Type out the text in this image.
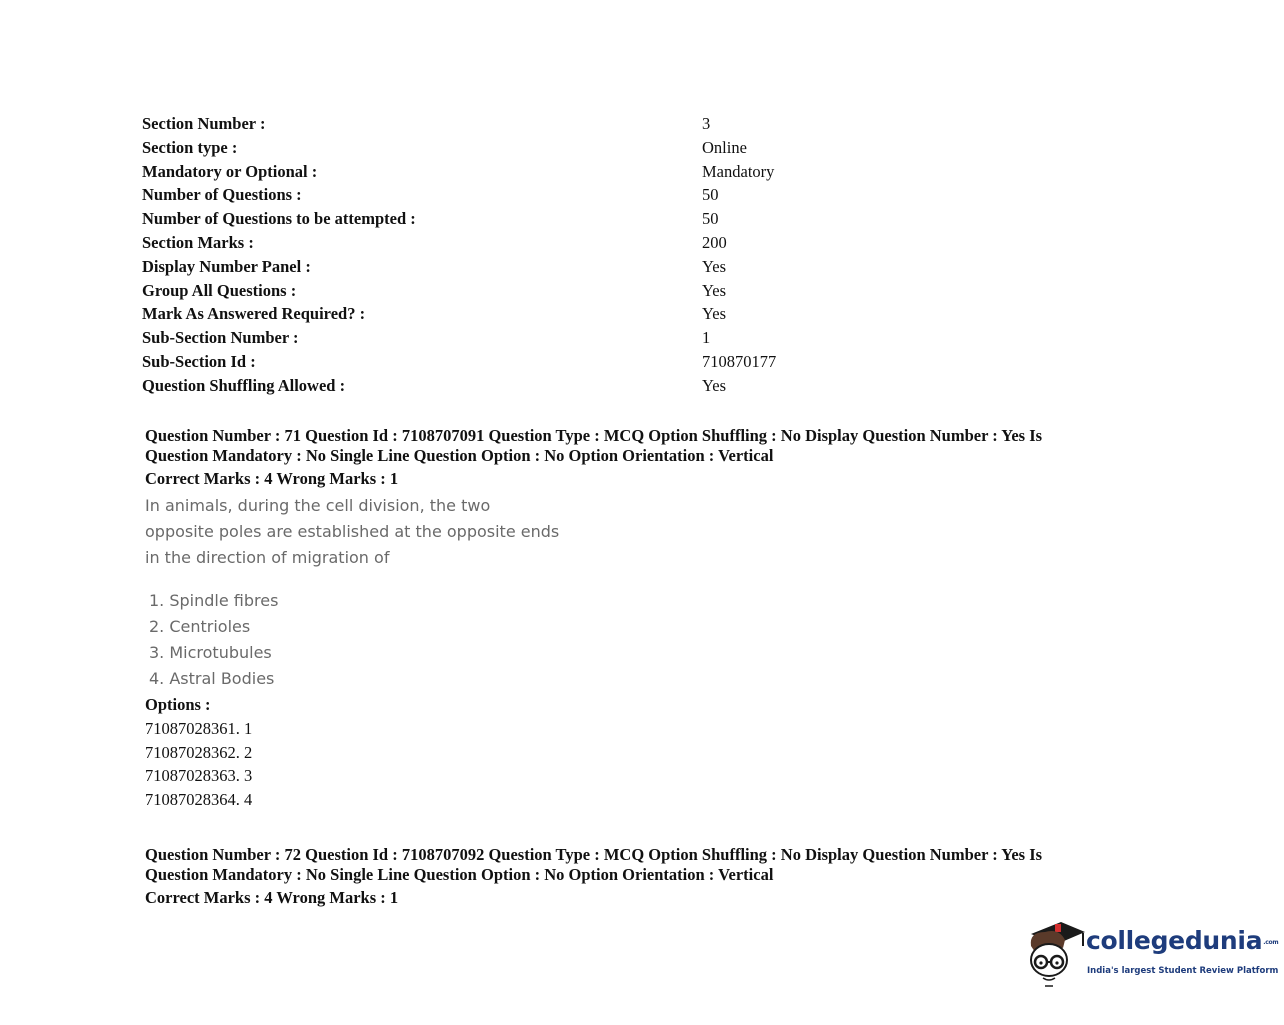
Section Number :	3
Section type :	Online
Mandatory or Optional :	Mandatory
Number of Questions :	50
Number of Questions to be attempted :	50
Section Marks :	200
Display Number Panel :	Yes
Group All Questions :	Yes
Mark As Answered Required? :	Yes
Sub-Section Number :	1
Sub-Section Id :	710870177
Question Shuffling Allowed :	Yes

Question Number : 71 Question Id : 7108707091 Question Type : MCQ Option Shuffling : No Display Question Number : Yes Is

Question Mandatory : No Single Line Question Option : No Option Orientation : Vertical

Correct Marks : 4 Wrong Marks : 1

In animals, during the cell division, the two
opposite poles are established at the opposite ends
in the direction of migration of
1. Spindle fibres
2. Centrioles
3. Microtubules
4. Astral Bodies
Options :
71087028361. 1
71087028362. 2
71087028363. 3
71087028364. 4

Question Number : 72 Question Id : 7108707092 Question Type : MCQ Option Shuffling : No Display Question Number : Yes Is

Question Mandatory : No Single Line Question Option : No Option Orientation : Vertical

Correct Marks : 4 Wrong Marks : 1

collegedunia.com
India's largest Student Review Platform
